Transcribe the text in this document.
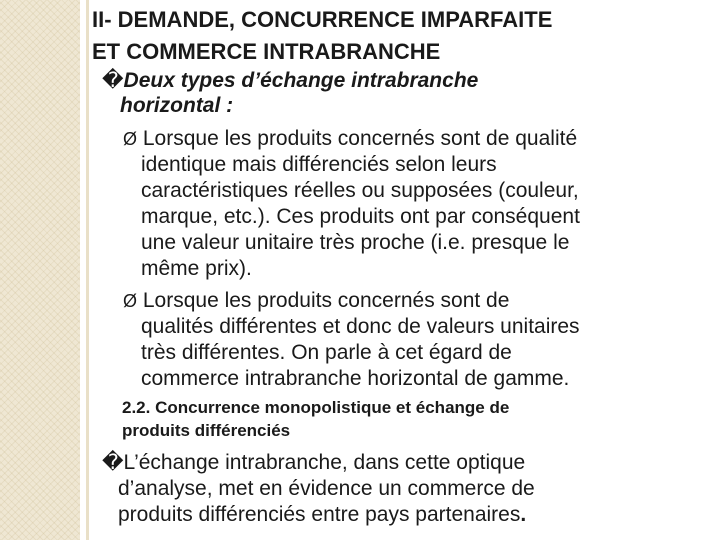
II- DEMANDE, CONCURRENCE IMPARFAITE
ET COMMERCE INTRABRANCHE
�Deux types d’échange intrabranche
horizontal :
Ø Lorsque les produits concernés sont de qualité
identique mais différenciés selon leurs
caractéristiques réelles ou supposées (couleur,
marque, etc.). Ces produits ont par conséquent
une valeur unitaire très proche (i.e. presque le
même prix).
Ø Lorsque les produits concernés sont de
qualités différentes et donc de valeurs unitaires
très différentes. On parle à cet égard de
commerce intrabranche horizontal de gamme.
2.2. Concurrence monopolistique et échange de
produits différenciés
�L’échange intrabranche, dans cette optique
d’analyse, met en évidence un commerce de
produits différenciés entre pays partenaires.
